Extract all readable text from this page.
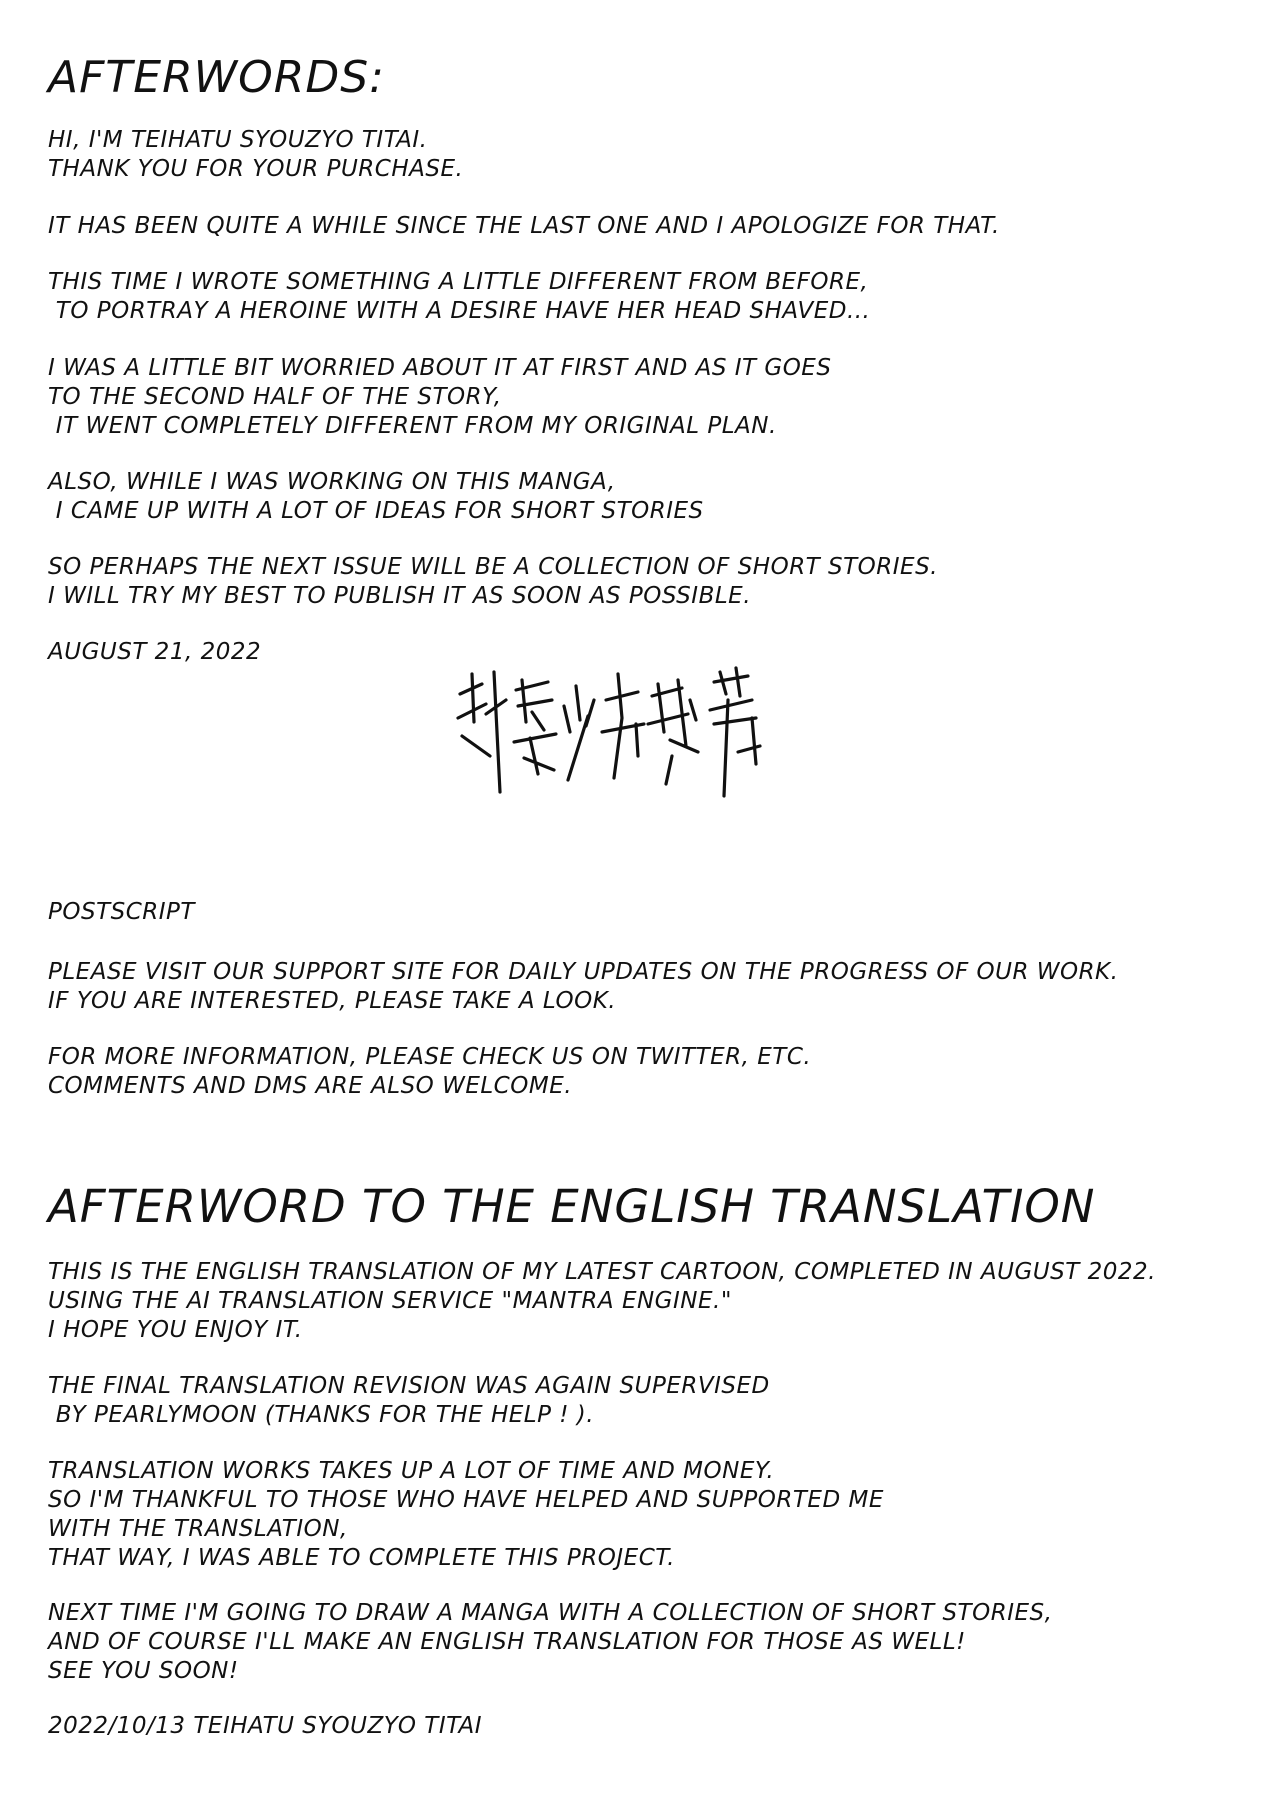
AFTERWORDS:

HI, I'M TEIHATU SYOUZYO TITAI.
THANK YOU FOR YOUR PURCHASE.

IT HAS BEEN QUITE A WHILE SINCE THE LAST ONE AND I APOLOGIZE FOR THAT.

THIS TIME I WROTE SOMETHING A LITTLE DIFFERENT FROM BEFORE,
TO PORTRAY A HEROINE WITH A DESIRE HAVE HER HEAD SHAVED...

I WAS A LITTLE BIT WORRIED ABOUT IT AT FIRST AND AS IT GOES
TO THE SECOND HALF OF THE STORY,
IT WENT COMPLETELY DIFFERENT FROM MY ORIGINAL PLAN.

ALSO, WHILE I WAS WORKING ON THIS MANGA,
I CAME UP WITH A LOT OF IDEAS FOR SHORT STORIES

SO PERHAPS THE NEXT ISSUE WILL BE A COLLECTION OF SHORT STORIES.
I WILL TRY MY BEST TO PUBLISH IT AS SOON AS POSSIBLE.

AUGUST 21, 2022

POSTSCRIPT

PLEASE VISIT OUR SUPPORT SITE FOR DAILY UPDATES ON THE PROGRESS OF OUR WORK.
IF YOU ARE INTERESTED, PLEASE TAKE A LOOK.

FOR MORE INFORMATION, PLEASE CHECK US ON TWITTER, ETC.
COMMENTS AND DMS ARE ALSO WELCOME.

AFTERWORD TO THE ENGLISH TRANSLATION

THIS IS THE ENGLISH TRANSLATION OF MY LATEST CARTOON, COMPLETED IN AUGUST 2022.
USING THE AI TRANSLATION SERVICE "MANTRA ENGINE."
I HOPE YOU ENJOY IT.

THE FINAL TRANSLATION REVISION WAS AGAIN SUPERVISED
BY PEARLYMOON (THANKS FOR THE HELP ! ).

TRANSLATION WORKS TAKES UP A LOT OF TIME AND MONEY.
SO I'M THANKFUL TO THOSE WHO HAVE HELPED AND SUPPORTED ME
WITH THE TRANSLATION,
THAT WAY, I WAS ABLE TO COMPLETE THIS PROJECT.

NEXT TIME I'M GOING TO DRAW A MANGA WITH A COLLECTION OF SHORT STORIES,
AND OF COURSE I'LL MAKE AN ENGLISH TRANSLATION FOR THOSE AS WELL!
SEE YOU SOON!

2022/10/13 TEIHATU SYOUZYO TITAI
